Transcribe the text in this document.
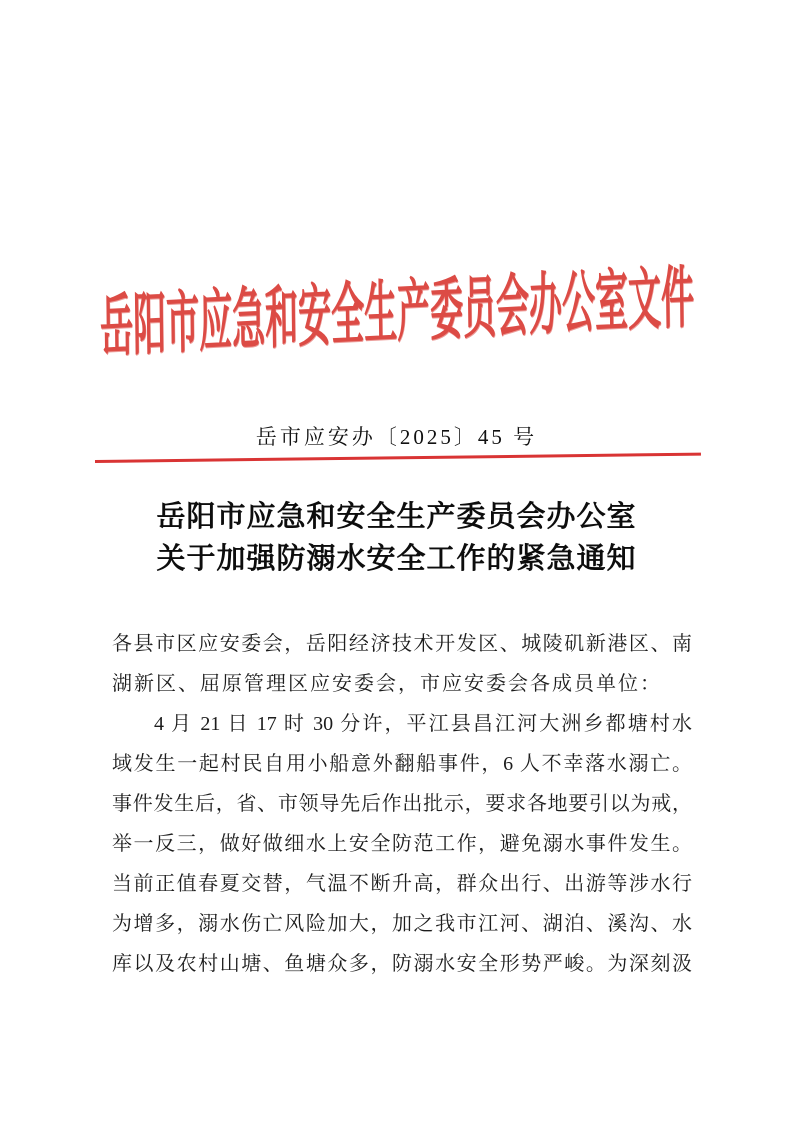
岳阳市应急和安全生产委员会办公室文件
岳市应安办〔2025〕45 号
岳阳市应急和安全生产委员会办公室
关于加强防溺水安全工作的紧急通知
各县市区应安委会，岳阳经济技术开发区、城陵矶新港区、南
湖新区、屈原管理区应安委会，市应安委会各成员单位：
4 月 21 日 17 时 30 分许，平江县昌江河大洲乡都塘村水
域发生一起村民自用小船意外翻船事件，6 人不幸落水溺亡。
事件发生后，省、市领导先后作出批示，要求各地要引以为戒，
举一反三，做好做细水上安全防范工作，避免溺水事件发生。
当前正值春夏交替，气温不断升高，群众出行、出游等涉水行
为增多，溺水伤亡风险加大，加之我市江河、湖泊、溪沟、水
库以及农村山塘、鱼塘众多，防溺水安全形势严峻。为深刻汲
